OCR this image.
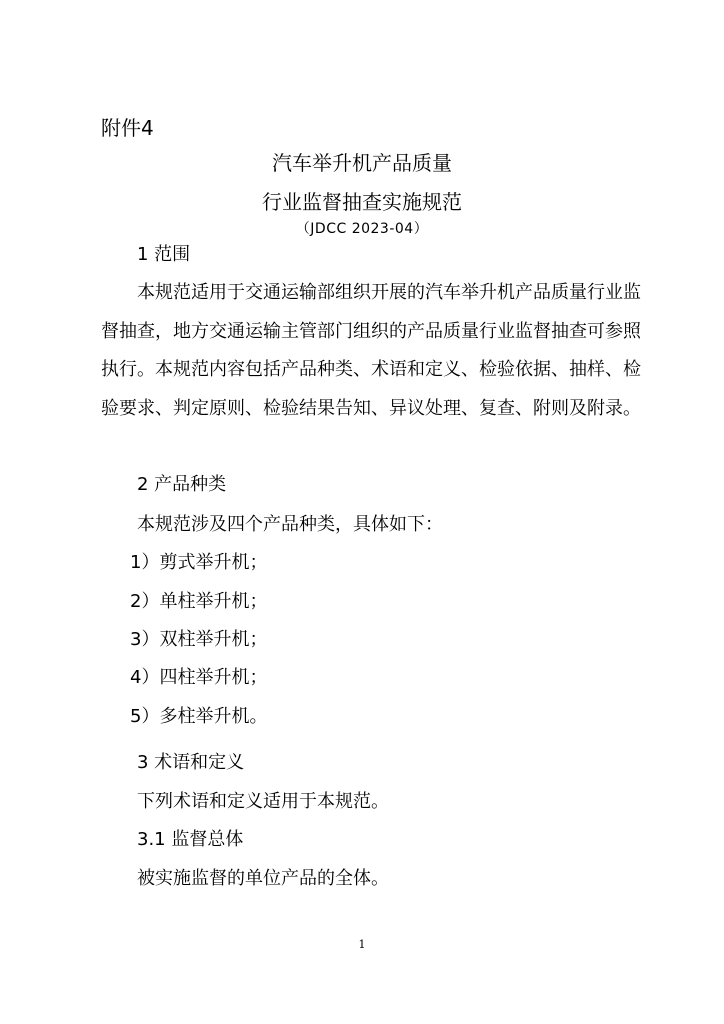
附件4
汽车举升机产品质量
行业监督抽查实施规范
（JDCC 2023-04）
1 范围
本规范适用于交通运输部组织开展的汽车举升机产品质量行业监督抽查，地方交通运输主管部门组织的产品质量行业监督抽查可参照执行。本规范内容包括产品种类、术语和定义、检验依据、抽样、检验要求、判定原则、检验结果告知、异议处理、复查、附则及附录。
2 产品种类
本规范涉及四个产品种类，具体如下：
1）剪式举升机；
2）单柱举升机；
3）双柱举升机；
4）四柱举升机；
5）多柱举升机。
3 术语和定义
下列术语和定义适用于本规范。
3.1 监督总体
被实施监督的单位产品的全体。
1
